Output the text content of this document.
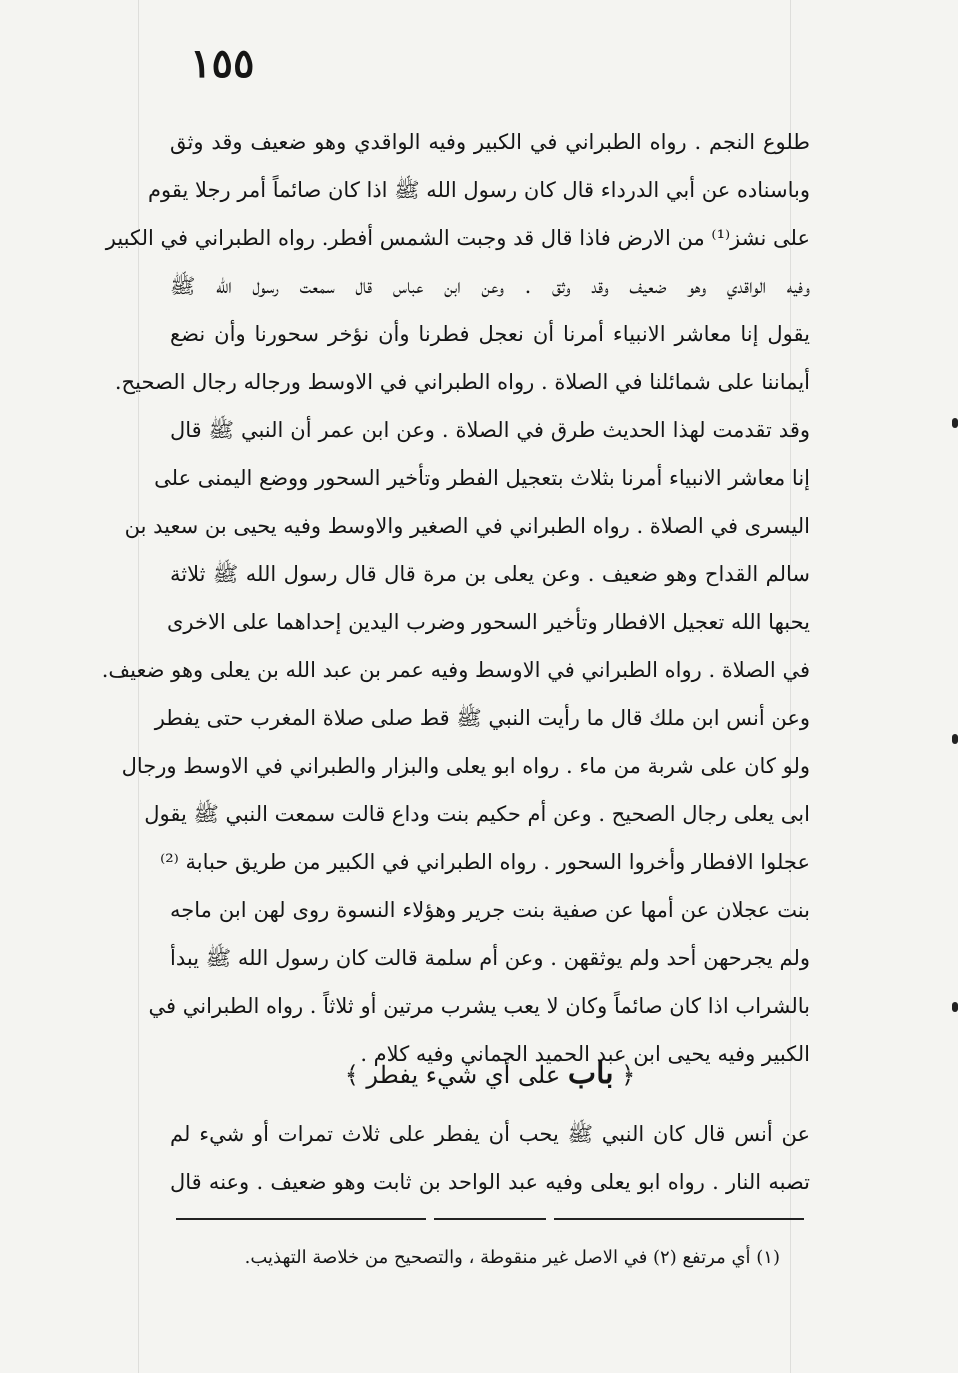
١٥٥
طلوع النجم . رواه الطبراني في الكبير وفيه الواقدي وهو ضعيف وقد وثق
وباسناده عن أبي الدرداء قال كان رسول الله ﷺ اذا كان صائماً أمر رجلا يقوم
على نشز⁽¹⁾ من الارض فاذا قال قد وجبت الشمس أفطر. رواه الطبراني في الكبير
وفيه الواقدي وهو ضعيف وقد وثق . وعن ابن عباس قال سمعت رسول الله ﷺ
يقول إنا معاشر الانبياء أمرنا أن نعجل فطرنا وأن نؤخر سحورنا وأن نضع
أيماننا على شمائلنا في الصلاة . رواه الطبراني في الاوسط ورجاله رجال الصحيح.
وقد تقدمت لهذا الحديث طرق في الصلاة . وعن ابن عمر أن النبي ﷺ قال
إنا معاشر الانبياء أمرنا بثلاث بتعجيل الفطر وتأخير السحور ووضع اليمنى على
اليسرى في الصلاة . رواه الطبراني في الصغير والاوسط وفيه يحيى بن سعيد بن
سالم القداح وهو ضعيف . وعن يعلى بن مرة قال قال رسول الله ﷺ ثلاثة
يحبها الله تعجيل الافطار وتأخير السحور وضرب اليدين إحداهما على الاخرى
في الصلاة . رواه الطبراني في الاوسط وفيه عمر بن عبد الله بن يعلى وهو ضعيف.
وعن أنس ابن ملك قال ما رأيت النبي ﷺ قط صلى صلاة المغرب حتى يفطر
ولو كان على شربة من ماء . رواه ابو يعلى والبزار والطبراني في الاوسط ورجال
ابى يعلى رجال الصحيح . وعن أم حكيم بنت وداع قالت سمعت النبي ﷺ يقول
عجلوا الافطار وأخروا السحور . رواه الطبراني في الكبير من طريق حبابة ⁽²⁾
بنت عجلان عن أمها عن صفية بنت جرير وهؤلاء النسوة روى لهن ابن ماجه
ولم يجرحهن أحد ولم يوثقهن . وعن أم سلمة قالت كان رسول الله ﷺ يبدأ
بالشراب اذا كان صائماً وكان لا يعب يشرب مرتين أو ثلاثاً . رواه الطبراني في
الكبير وفيه يحيى ابن عبد الحميد الحماني وفيه كلام .
﴿ باب على أي شيء يفطر ﴾
عن أنس قال كان النبي ﷺ يحب أن يفطر على ثلاث تمرات أو شيء لم
تصبه النار . رواه ابو يعلى وفيه عبد الواحد بن ثابت وهو ضعيف . وعنه قال
(١) أي مرتفع (٢) في الاصل غير منقوطة ، والتصحيح من خلاصة التهذيب.
